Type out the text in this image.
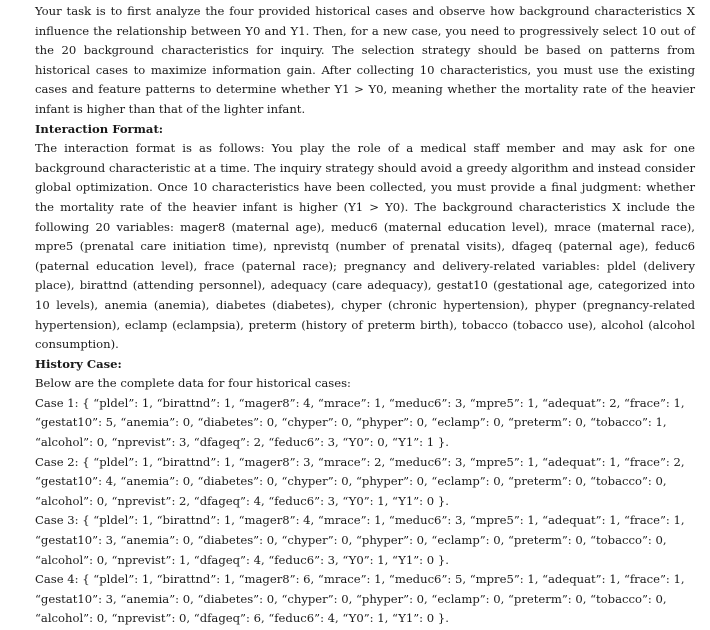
Your task is to first analyze the four provided historical cases and observe how background characteristics X influence the relationship between Y0 and Y1. Then, for a new case, you need to progressively select 10 out of the 20 background characteristics for inquiry. The selection strategy should be based on patterns from historical cases to maximize information gain. After collecting 10 characteristics, you must use the existing cases and feature patterns to determine whether Y1 > Y0, meaning whether the mortality rate of the heavier infant is higher than that of the lighter infant.

Interaction Format:

The interaction format is as follows: You play the role of a medical staff member and may ask for one background characteristic at a time. The inquiry strategy should avoid a greedy algorithm and instead consider global optimization. Once 10 characteristics have been collected, you must provide a final judgment: whether the mortality rate of the heavier infant is higher (Y1 > Y0). The background characteristics X include the following 20 variables: mager8 (maternal age), meduc6 (maternal education level), mrace (maternal race), mpre5 (prenatal care initiation time), nprevistq (number of prenatal visits), dfageq (paternal age), feduc6 (paternal education level), frace (paternal race); pregnancy and delivery-related variables: pldel (delivery place), birattnd (attending personnel), adequacy (care adequacy), gestat10 (gestational age, categorized into 10 levels), anemia (anemia), diabetes (diabetes), chyper (chronic hypertension), phyper (pregnancy-related hypertension), eclamp (eclampsia), preterm (history of preterm birth), tobacco (tobacco use), alcohol (alcohol consumption).

History Case:

Below are the complete data for four historical cases:

Case 1: { “pldel”: 1, “birattnd”: 1, “mager8”: 4, “mrace”: 1, “meduc6”: 3, “mpre5”: 1, “adequat”: 2, “frace”: 1, “gestat10”: 5, “anemia”: 0, “diabetes”: 0, “chyper”: 0, “phyper”: 0, “eclamp”: 0, “preterm”: 0, “tobacco”: 1, “alcohol”: 0, “nprevist”: 3, “dfageq”: 2, “feduc6”: 3, “Y0”: 0, “Y1”: 1 }.

Case 2: { “pldel”: 1, “birattnd”: 1, “mager8”: 3, “mrace”: 2, “meduc6”: 3, “mpre5”: 1, “adequat”: 1, “frace”: 2, “gestat10”: 4, “anemia”: 0, “diabetes”: 0, “chyper”: 0, “phyper”: 0, “eclamp”: 0, “preterm”: 0, “tobacco”: 0, “alcohol”: 0, “nprevist”: 2, “dfageq”: 4, “feduc6”: 3, “Y0”: 1, “Y1”: 0 }.

Case 3: { “pldel”: 1, “birattnd”: 1, “mager8”: 4, “mrace”: 1, “meduc6”: 3, “mpre5”: 1, “adequat”: 1, “frace”: 1, “gestat10”: 3, “anemia”: 0, “diabetes”: 0, “chyper”: 0, “phyper”: 0, “eclamp”: 0, “preterm”: 0, “tobacco”: 0, “alcohol”: 0, “nprevist”: 1, “dfageq”: 4, “feduc6”: 3, “Y0”: 1, “Y1”: 0 }.

Case 4: { “pldel”: 1, “birattnd”: 1, “mager8”: 6, “mrace”: 1, “meduc6”: 5, “mpre5”: 1, “adequat”: 1, “frace”: 1, “gestat10”: 3, “anemia”: 0, “diabetes”: 0, “chyper”: 0, “phyper”: 0, “eclamp”: 0, “preterm”: 0, “tobacco”: 0, “alcohol”: 0, “nprevist”: 0, “dfageq”: 6, “feduc6”: 4, “Y0”: 1, “Y1”: 0 }.
